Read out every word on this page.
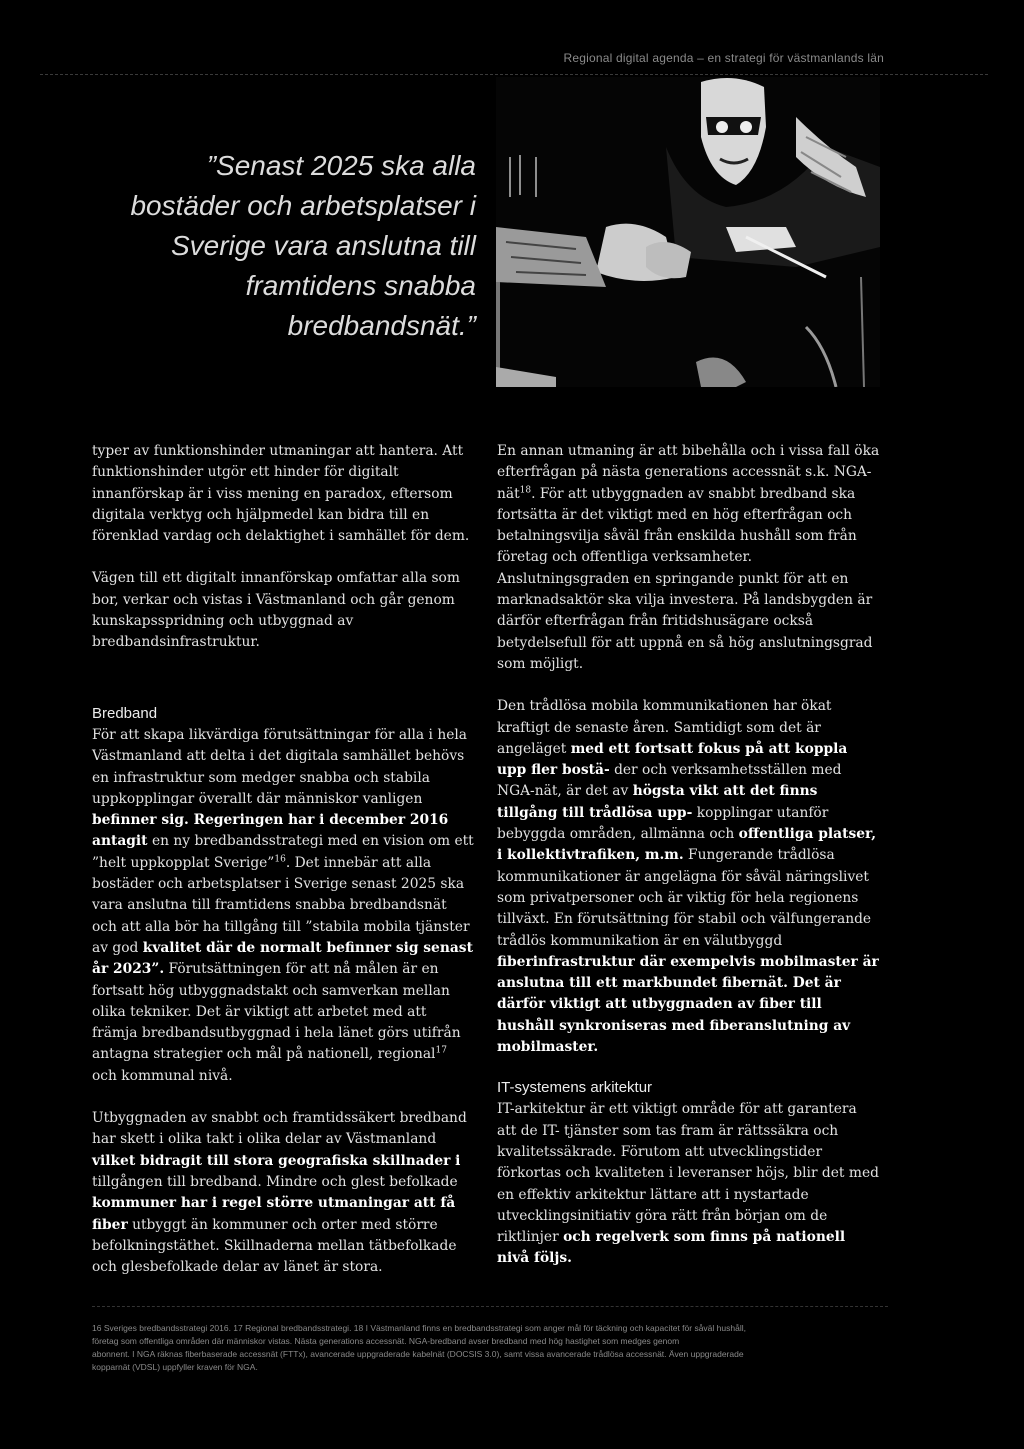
Regional digital agenda – en strategi för västmanlands län
”Senast 2025 ska alla bostäder och arbetsplatser i Sverige vara anslutna till framtidens snabba bredbandsnät.”

typer av funktionshinder utmaningar att hantera. Att funktionshinder utgör ett hinder för digitalt innanförskap är i viss mening en paradox, eftersom digitala verktyg och hjälpmedel kan bidra till en förenklad vardag och delaktighet i samhället för dem.

Vägen till ett digitalt innanförskap omfattar alla som bor, verkar och vistas i Västmanland och går genom kunskapsspridning och utbyggnad av bredbandsinfrastruktur.

Bredband

För att skapa likvärdiga förutsättningar för alla i hela Västmanland att delta i det digitala samhället behövs en infrastruktur som medger snabba och stabila uppkopplingar överallt där människor vanligen befinner sig. Regeringen har i december 2016 antagit en ny bredbandsstrategi med en vision om ett ”helt uppkopplat Sverige”$^{16}$. Det innebär att alla bostäder och arbetsplatser i Sverige senast 2025 ska vara anslutna till framtidens snabba bredbandsnät och att alla bör ha tillgång till ”stabila mobila tjänster av god kvalitet där de normalt befinner sig senast år 2023”. Förutsättningen för att nå målen är en fortsatt hög utbyggnadstakt och samverkan mellan olika tekniker. Det är viktigt att arbetet med att främja bredbandsutbyggnad i hela länet görs utifrån antagna strategier och mål på nationell, regional$^{17}$ och kommunal nivå.

Utbyggnaden av snabbt och framtidssäkert bredband har skett i olika takt i olika delar av Västmanland vilket bidragit till stora geografiska skillnader i tillgången till bredband. Mindre och glest befolkade kommuner har i regel större utmaningar att få fiber utbyggt än kommuner och orter med större befolkningstäthet. Skillnaderna mellan tätbefolkade och glesbefolkade delar av länet är stora.

En annan utmaning är att bibehålla och i vissa fall öka efterfrågan på nästa generations accessnät s.k. NGA-nät$^{18}$. För att utbyggnaden av snabbt bredband ska fortsätta är det viktigt med en hög efterfrågan och betalningsvilja såväl från enskilda hushåll som från företag och offentliga verksamheter. Anslutningsgraden en springande punkt för att en marknadsaktör ska vilja investera. På landsbygden är därför efterfrågan från fritidshusägare också betydelsefull för att uppnå en så hög anslutningsgrad som möjligt.

Den trådlösa mobila kommunikationen har ökat kraftigt de senaste åren. Samtidigt som det är angeläget med ett fortsatt fokus på att koppla upp fler bostä- der och verksamhetsställen med NGA-nät, är det av högsta vikt att det finns tillgång till trådlösa upp- kopplingar utanför bebyggda områden, allmänna och offentliga platser, i kollektivtrafiken, m.m. Fungerande trådlösa kommunikationer är angelägna för såväl näringslivet som privatpersoner och är viktig för hela regionens tillväxt. En förutsättning för stabil och välfungerande trådlös kommunikation är en välutbyggd fiberinfrastruktur där exempelvis mobilmaster är anslutna till ett markbundet fibernät. Det är därför viktigt att utbyggnaden av fiber till hushåll synkroniseras med fiberanslutning av mobilmaster.

IT-systemens arkitektur

IT-arkitektur är ett viktigt område för att garantera att de IT- tjänster som tas fram är rättssäkra och kvalitetssäkrade. Förutom att utvecklingstider förkortas och kvaliteten i leveranser höjs, blir det med en effektiv arkitektur lättare att i nystartade utvecklingsinitiativ göra rätt från början om de riktlinjer och regelverk som finns på nationell nivå följs.

16 Sveriges bredbandsstrategi 2016. 17 Regional bredbandsstrategi. 18 I Västmanland finns en bredbandsstrategi som anger mål för täckning och kapacitet för såväl hushåll,
företag som offentliga områden där människor vistas. Nästa generations accessnät. NGA-bredband avser bredband med hög hastighet som medges genom
abonnent. I NGA räknas fiberbaserade accessnät (FTTx), avancerade uppgraderade kabelnät (DOCSIS 3.0), samt vissa avancerade trådlösa accessnät. Även uppgraderade
kopparnät (VDSL) uppfyller kraven för NGA.
